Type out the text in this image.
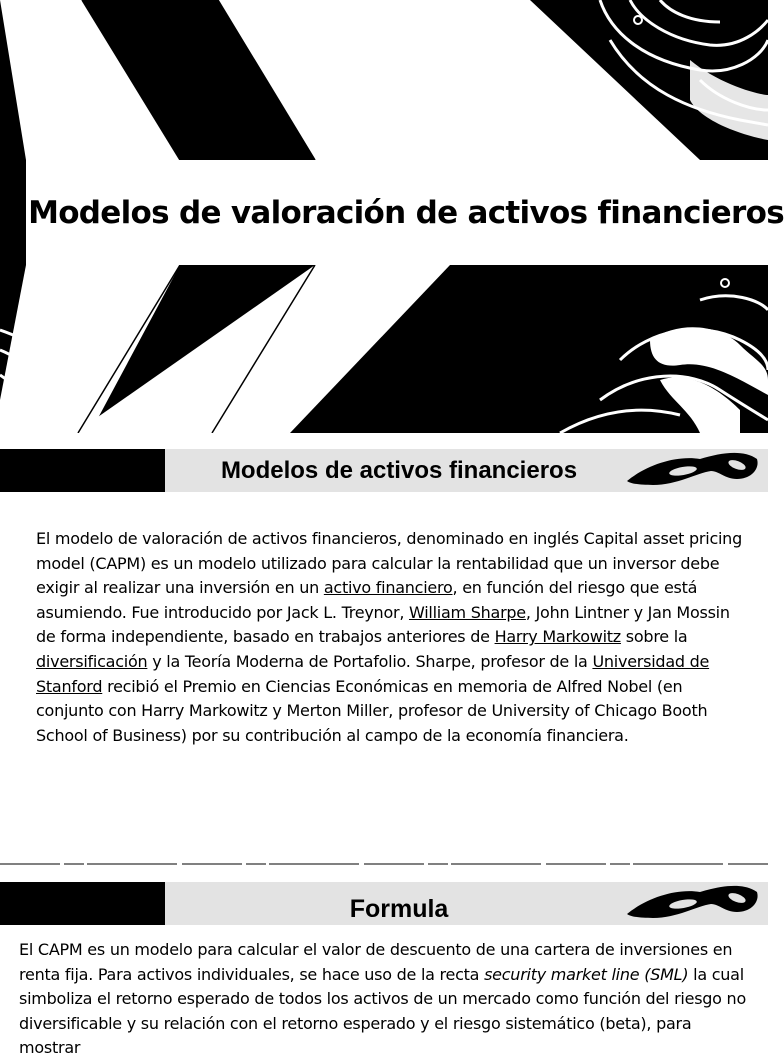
Modelos de valoración de activos financieros
Modelos de activos financieros
El modelo de valoración de activos financieros, denominado en inglés Capital asset pricing model (CAPM) es un modelo utilizado para calcular la rentabilidad que un inversor debe exigir al realizar una inversión en un activo financiero, en función del riesgo que está asumiendo. Fue introducido por Jack L. Treynor, William Sharpe, John Lintner y Jan Mossin de forma independiente, basado en trabajos anteriores de Harry Markowitz sobre la diversificación y la Teoría Moderna de Portafolio. Sharpe, profesor de la Universidad de Stanford recibió el Premio en Ciencias Económicas en memoria de Alfred Nobel (en conjunto con Harry Markowitz y Merton Miller, profesor de University of Chicago Booth School of Business) por su contribución al campo de la economía financiera.
Formula
El CAPM es un modelo para calcular el valor de descuento de una cartera de inversiones en renta fija. Para activos individuales, se hace uso de la recta security market line (SML) la cual simboliza el retorno esperado de todos los activos de un mercado como función del riesgo no diversificable y su relación con el retorno esperado y el riesgo sistemático (beta), para mostrar
